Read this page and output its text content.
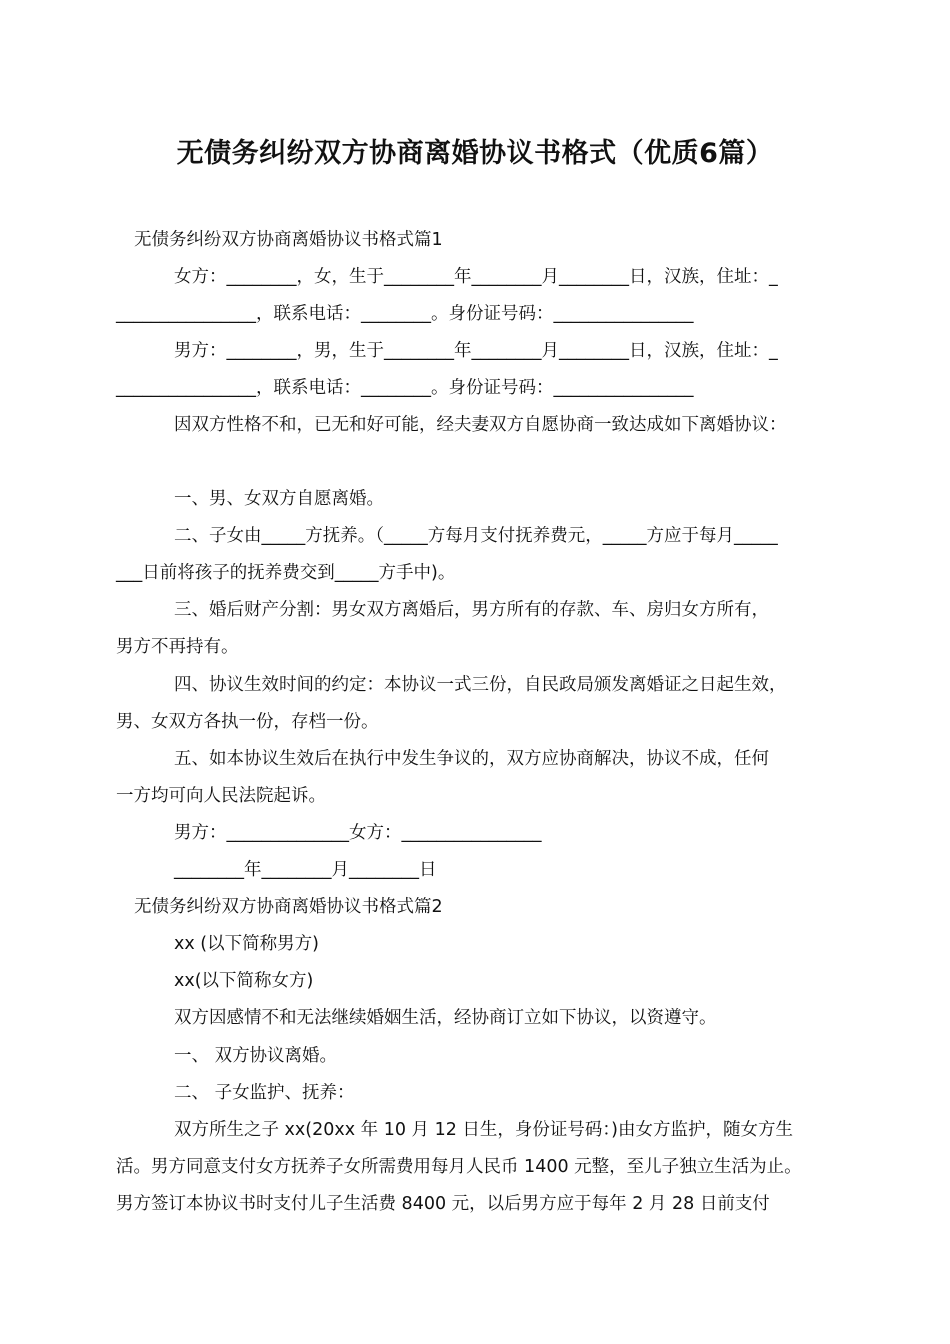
无债务纠纷双方协商离婚协议书格式（优质6篇）
无债务纠纷双方协商离婚协议书格式篇1
女方：________，女，生于________年________月________日，汉族，住址：_
________________，联系电话：________。身份证号码：________________
男方：________，男，生于________年________月________日，汉族，住址：_
________________，联系电话：________。身份证号码：________________
因双方性格不和，已无和好可能，经夫妻双方自愿协商一致达成如下离婚协议：
一、男、女双方自愿离婚。
二、子女由_____方抚养。（_____方每月支付抚养费元，_____方应于每月_____
___日前将孩子的抚养费交到_____方手中)。
三、婚后财产分割：男女双方离婚后，男方所有的存款、车、房归女方所有，
男方不再持有。
四、协议生效时间的约定：本协议一式三份，自民政局颁发离婚证之日起生效，
男、女双方各执一份，存档一份。
五、如本协议生效后在执行中发生争议的，双方应协商解决，协议不成，任何
一方均可向人民法院起诉。
男方：______________女方：________________
________年________月________日
无债务纠纷双方协商离婚协议书格式篇2
xx (以下简称男方)
xx(以下简称女方)
双方因感情不和无法继续婚姻生活，经协商订立如下协议，以资遵守。
一、 双方协议离婚。
二、 子女监护、抚养：
双方所生之子 xx(20xx 年 10 月 12 日生，身份证号码：)由女方监护，随女方生
活。男方同意支付女方抚养子女所需费用每月人民币 1400 元整，至儿子独立生活为止。
男方签订本协议书时支付儿子生活费 8400 元，以后男方应于每年 2 月 28 日前支付
